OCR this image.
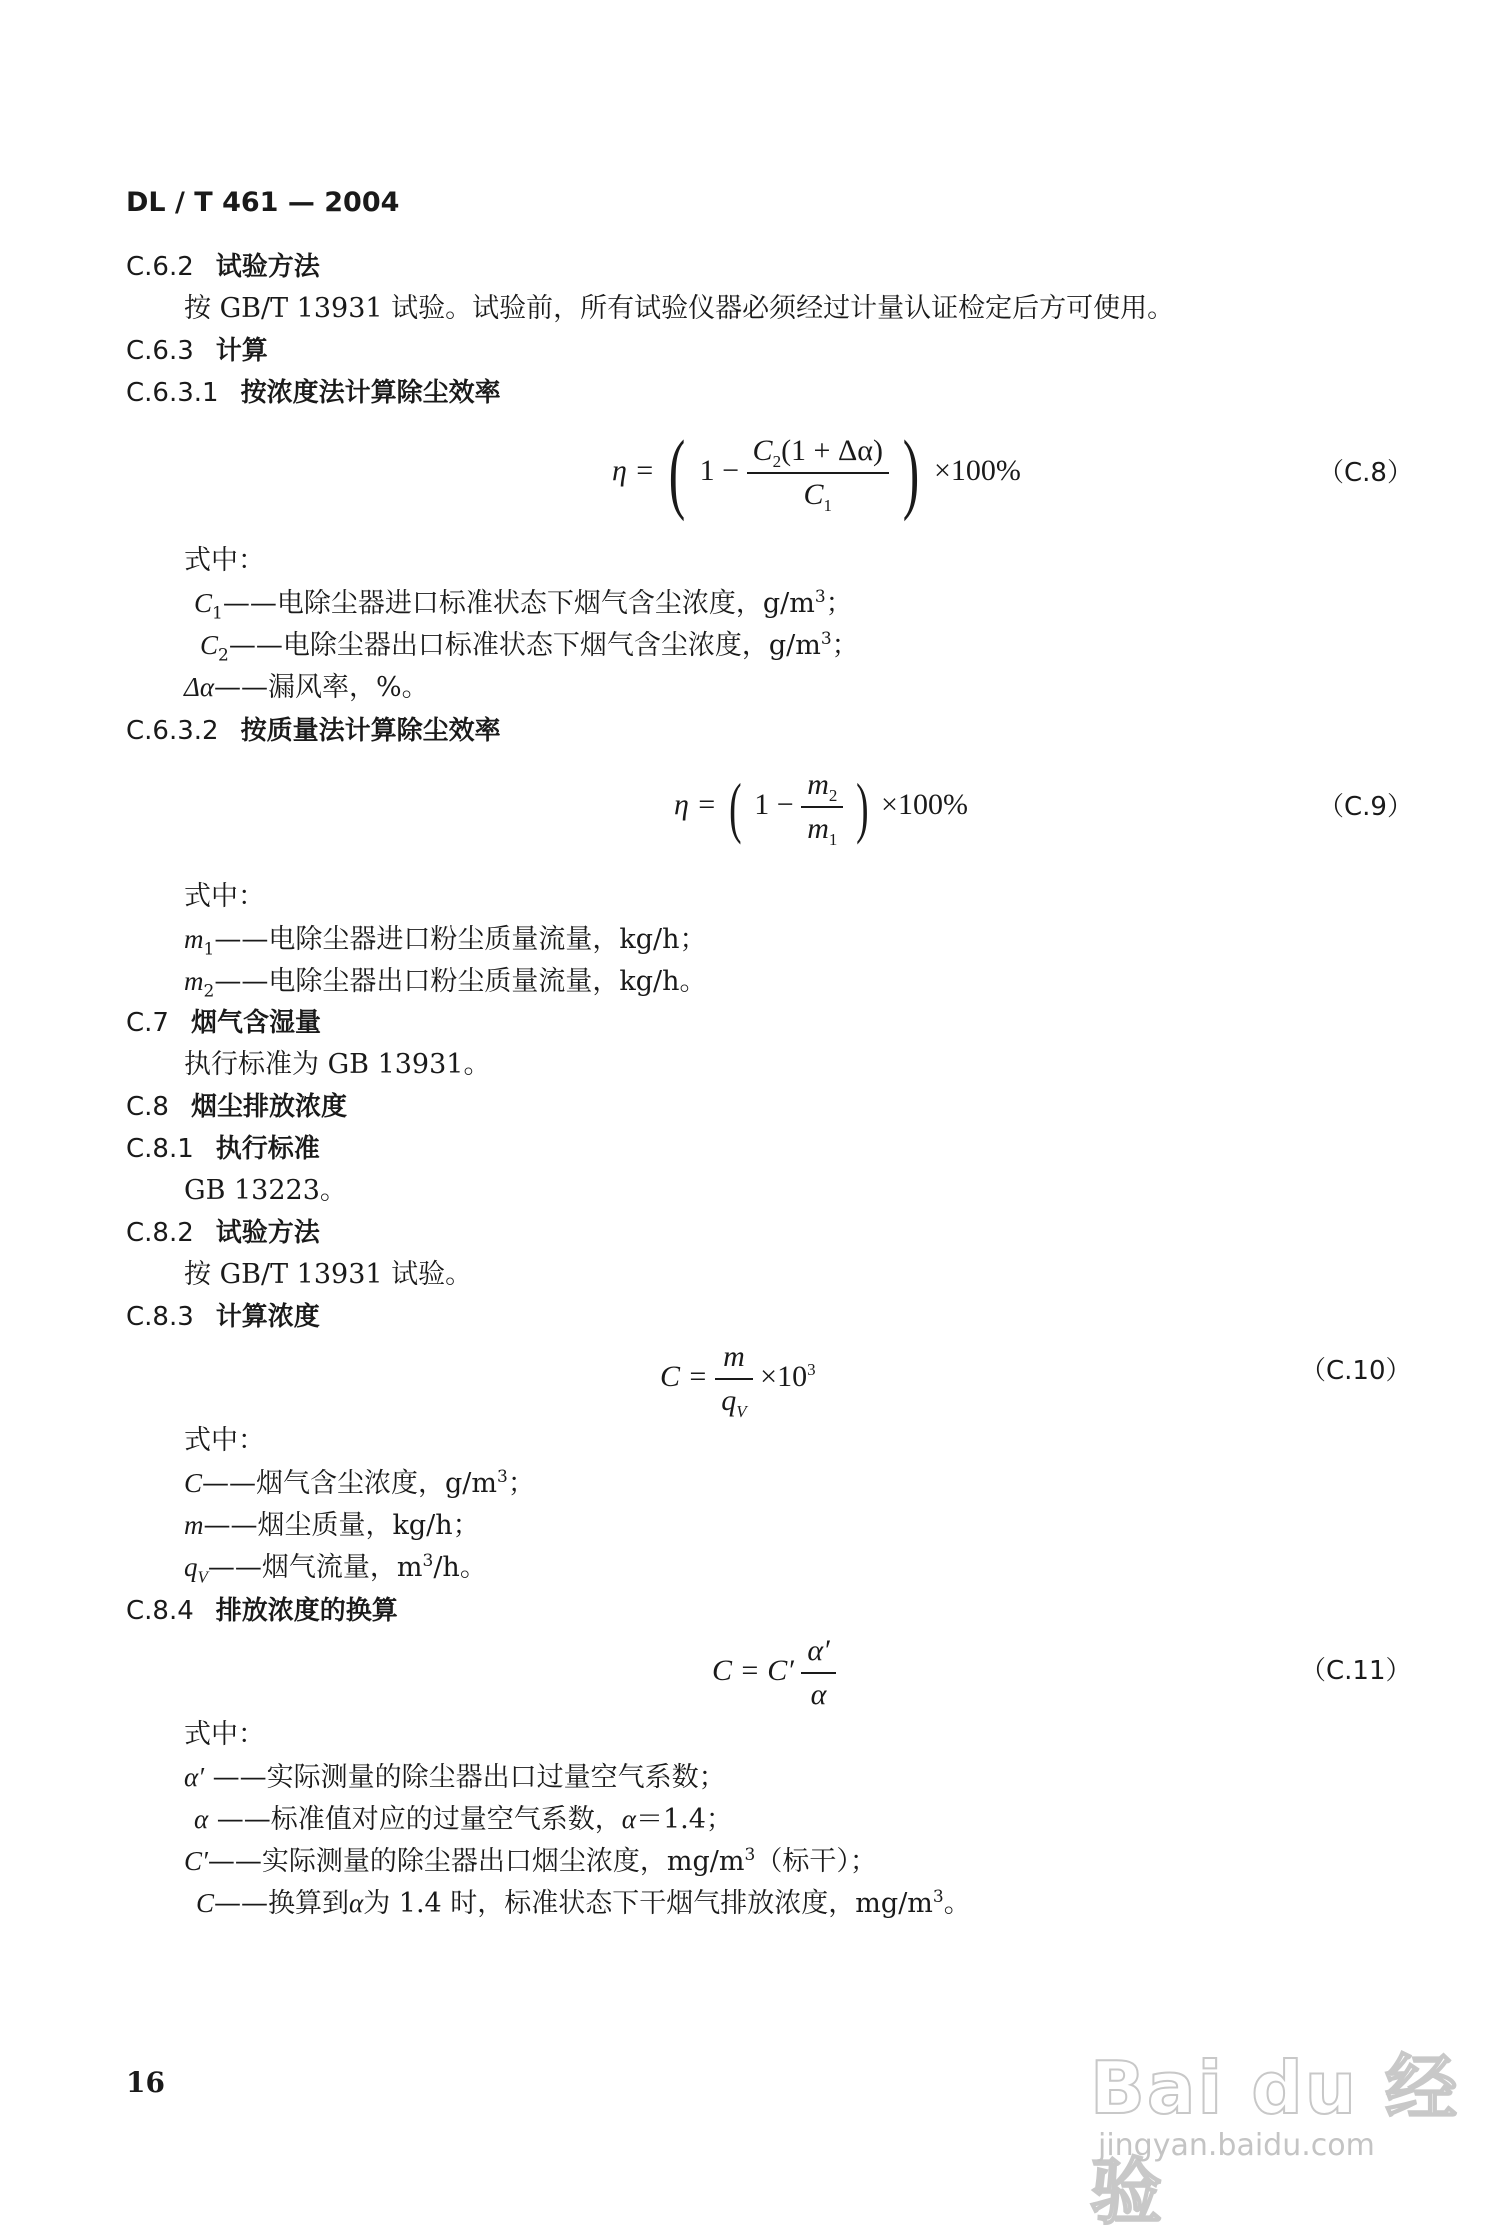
DL / T 461 — 2004
C.6.2 试验方法
按 GB/T 13931 试验。试验前，所有试验仪器必须经过计量认证检定后方可使用。
C.6.3 计算
C.6.3.1 按浓度法计算除尘效率
η = ( $1 - \frac{C_2(1 + \Delta\alpha)}{C_1}$ ) ×100%	（C.8）
式中：
$C_1——$电除尘器进口标准状态下烟气含尘浓度，$g/m^3$；
$C_2——$电除尘器出口标准状态下烟气含尘浓度，$g/m^3$；
Δα——漏风率，%。
C.6.3.2 按质量法计算除尘效率
η = ( $1 - \frac{m_2}{m_1}$ ) ×100%	（C.9）
式中：
$m_1——$电除尘器进口粉尘质量流量，kg/h；
$m_2——$电除尘器出口粉尘质量流量，kg/h。
C.7 烟气含湿量
执行标准为 GB 13931。
C.8 烟尘排放浓度
C.8.1 执行标准
GB 13223。
C.8.2 试验方法
按 GB/T 13931 试验。
C.8.3 计算浓度
$C = \frac{m}{q_V} \times 10^3$	（C.10）
式中：
C——烟气含尘浓度，$g/m^3$；
m——烟尘质量，kg/h；
$q_V——$烟气流量，$m^3/h$。
C.8.4 排放浓度的换算
$C = C' \frac{\alpha'}{\alpha}$	（C.11）
式中：
α′ ——实际测量的除尘器出口过量空气系数；
α ——标准值对应的过量空气系数，α＝1.4；
C′——实际测量的除尘器出口烟尘浓度，$mg/m^3$（标干）；
C——换算到α为 1.4 时，标准状态下干烟气排放浓度，$mg/m^3$。
16	Bai du 经验
jingyan.baidu.com
